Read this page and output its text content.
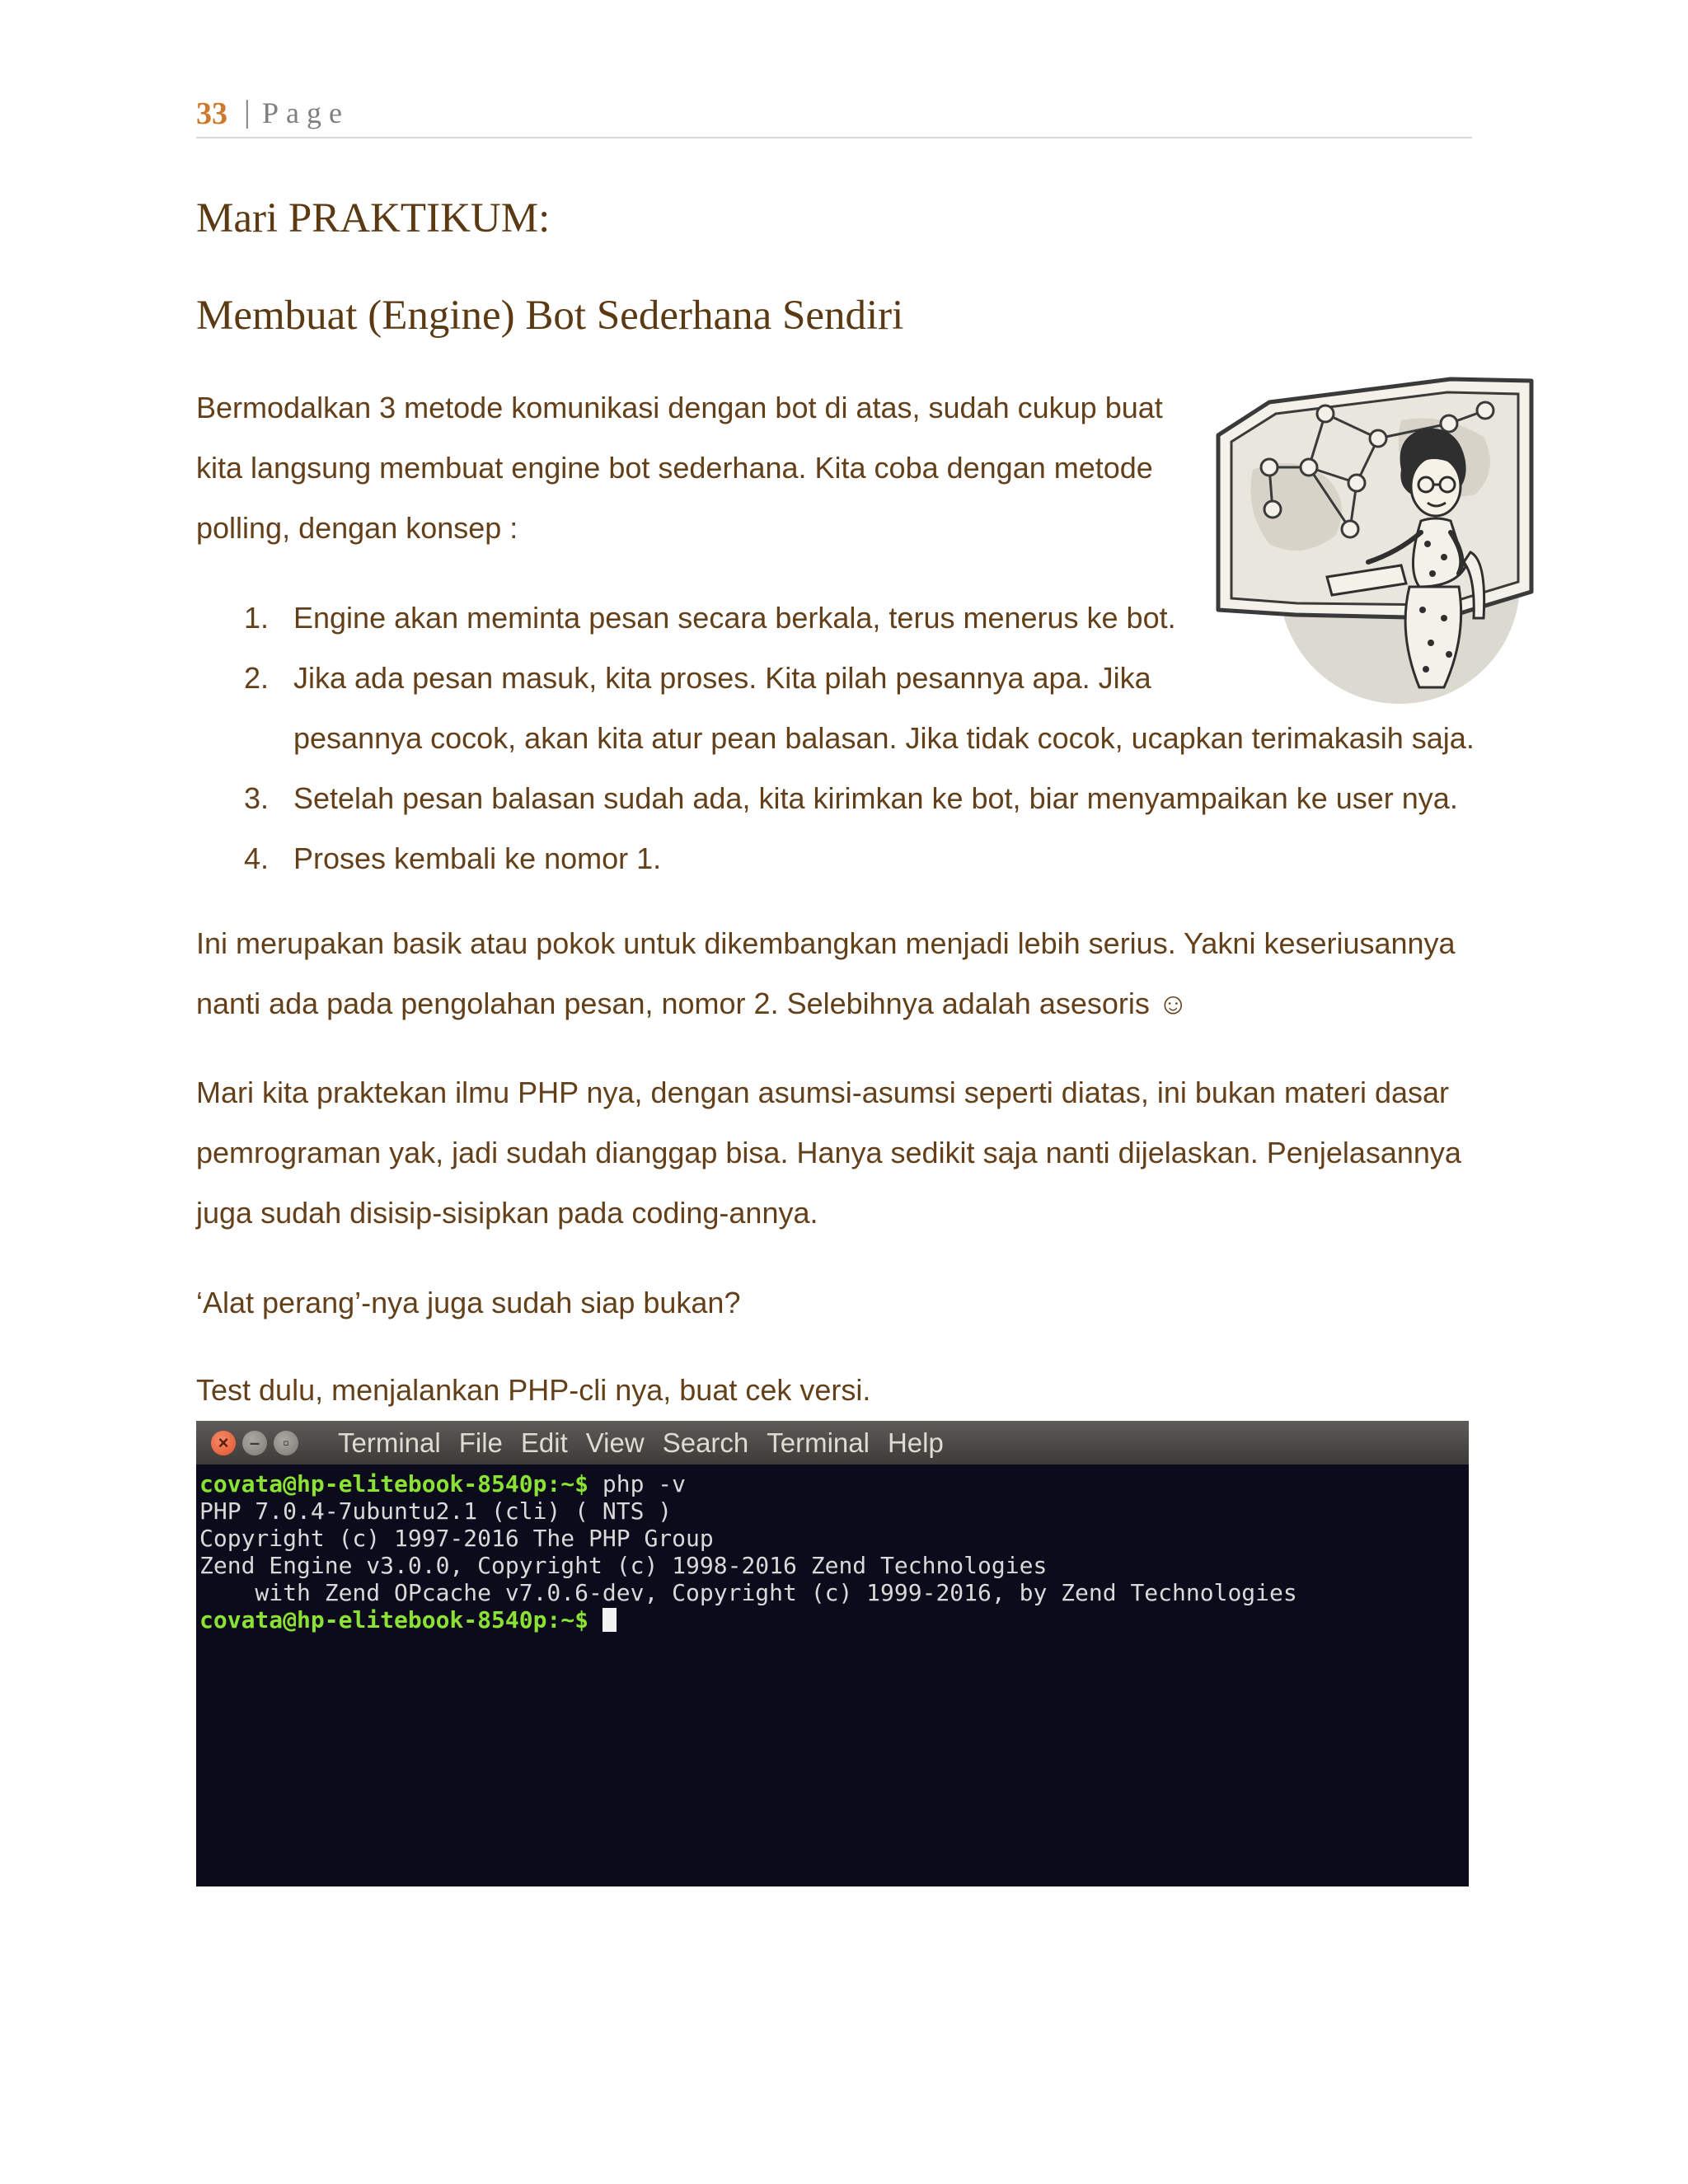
33 | Page
Mari PRAKTIKUM:
Membuat (Engine) Bot Sederhana Sendiri

Bermodalkan 3 metode komunikasi dengan bot di atas, sudah cukup buat
kita langsung membuat engine bot sederhana. Kita coba dengan metode
polling, dengan konsep :

1. Engine akan meminta pesan secara berkala, terus menerus ke bot.
2. Jika ada pesan masuk, kita proses. Kita pilah pesannya apa. Jika
pesannya cocok, akan kita atur pean balasan. Jika tidak cocok, ucapkan terimakasih saja.
3. Setelah pesan balasan sudah ada, kita kirimkan ke bot, biar menyampaikan ke user nya.
4. Proses kembali ke nomor 1.

Ini merupakan basik atau pokok untuk dikembangkan menjadi lebih serius. Yakni keseriusannya
nanti ada pada pengolahan pesan, nomor 2. Selebihnya adalah asesoris ☺

Mari kita praktekan ilmu PHP nya, dengan asumsi-asumsi seperti diatas, ini bukan materi dasar
pemrograman yak, jadi sudah dianggap bisa. Hanya sedikit saja nanti dijelaskan. Penjelasannya
juga sudah disisip-sisipkan pada coding-annya.

‘Alat perang’-nya juga sudah siap bukan?

Test dulu, menjalankan PHP-cli nya, buat cek versi.

×	–	▫	Terminal File Edit View Search Terminal Help
covata@hp-elitebook-8540p:~$ php -v
PHP 7.0.4-7ubuntu2.1 (cli) ( NTS )
Copyright (c) 1997-2016 The PHP Group
Zend Engine v3.0.0, Copyright (c) 1998-2016 Zend Technologies
with Zend OPcache v7.0.6-dev, Copyright (c) 1999-2016, by Zend Technologies
covata@hp-elitebook-8540p:~$
